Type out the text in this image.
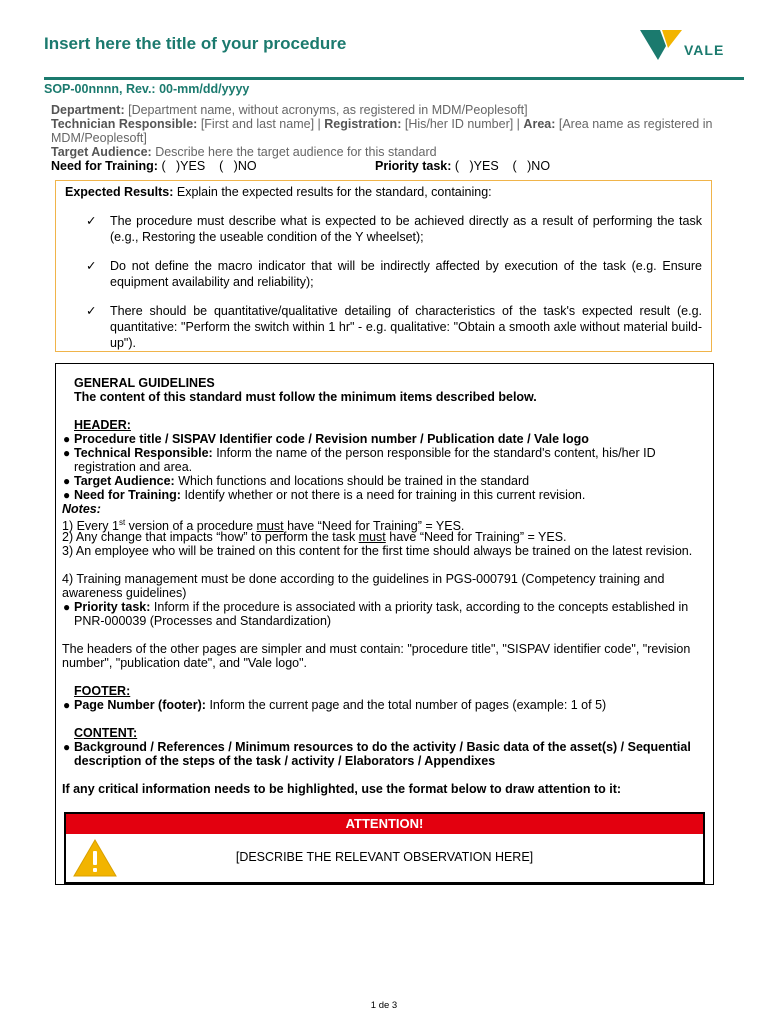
Insert here the title of your procedure	VALE
SOP-00nnnn, Rev.: 00-mm/dd/yyyy
Department: [Department name, without acronyms, as registered in MDM/Peoplesoft]
Technician Responsible: [First and last name] | Registration: [His/her ID number] | Area: [Area name as registered in MDM/Peoplesoft]
Target Audience: Describe here the target audience for this standard
Need for Training: (   )YES    (   )NO	Priority task: (   )YES    (   )NO
Expected Results: Explain the expected results for the standard, containing:
✓ The procedure must describe what is expected to be achieved directly as a result of performing the task (e.g., Restoring the useable condition of the Y wheelset);
✓ Do not define the macro indicator that will be indirectly affected by execution of the task (e.g. Ensure equipment availability and reliability);
✓ There should be quantitative/qualitative detailing of characteristics of the task's expected result (e.g. quantitative: "Perform the switch within 1 hr" - e.g. qualitative: "Obtain a smooth axle without material build-up").
GENERAL GUIDELINES
The content of this standard must follow the minimum items described below.
HEADER:
● Procedure title / SISPAV Identifier code / Revision number / Publication date / Vale logo
● Technical Responsible: Inform the name of the person responsible for the standard's content, his/her ID registration and area.
● Target Audience: Which functions and locations should be trained in the standard
● Need for Training: Identify whether or not there is a need for training in this current revision.
Notes:
1) Every 1st version of a procedure must have “Need for Training” = YES.
2) Any change that impacts “how” to perform the task must have “Need for Training” = YES.
3) An employee who will be trained on this content for the first time should always be trained on the latest revision.
4) Training management must be done according to the guidelines in PGS-000791 (Competency training and awareness guidelines)
● Priority task: Inform if the procedure is associated with a priority task, according to the concepts established in PNR-000039 (Processes and Standardization)
The headers of the other pages are simpler and must contain: "procedure title", "SISPAV identifier code", "revision number", "publication date", and "Vale logo".
FOOTER:
● Page Number (footer): Inform the current page and the total number of pages (example: 1 of 5)
CONTENT:
● Background / References / Minimum resources to do the activity / Basic data of the asset(s) / Sequential description of the steps of the task / activity / Elaborators / Appendixes
If any critical information needs to be highlighted, use the format below to draw attention to it:
ATTENTION!
[DESCRIBE THE RELEVANT OBSERVATION HERE]
1 de 3
